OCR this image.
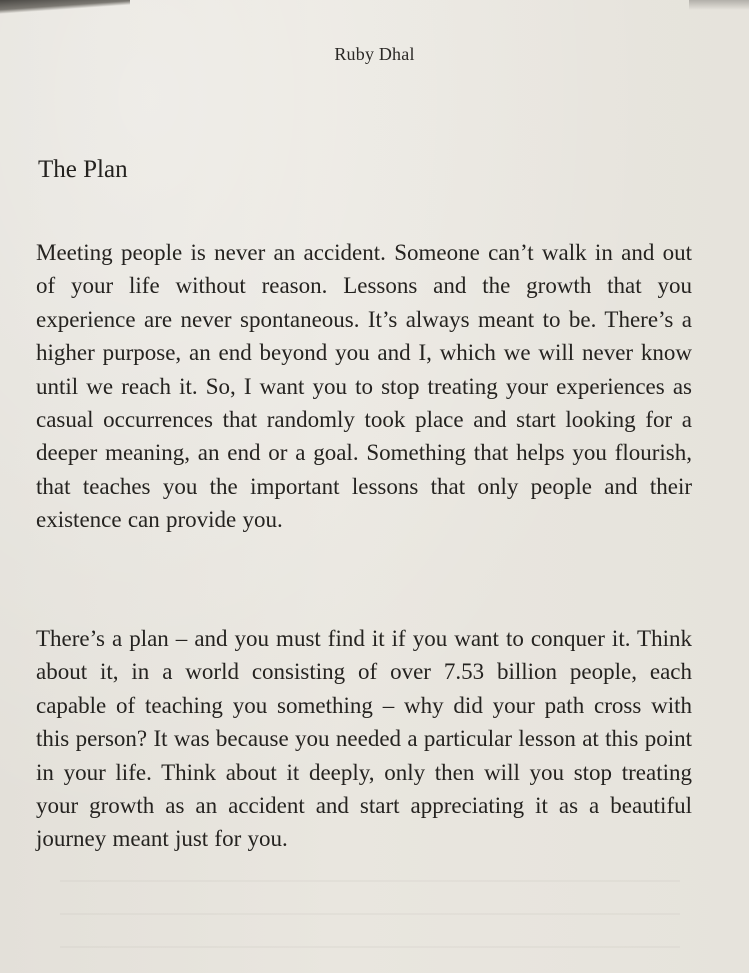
Ruby Dhal
The Plan

Meeting people is never an accident. Someone can’t walk in and out of your life without reason. Lessons and the growth that you experience are never spontaneous. It’s always meant to be. There’s a higher purpose, an end beyond you and I, which we will never know until we reach it. So, I want you to stop treating your experiences as casual occurrences that randomly took place and start looking for a deeper meaning, an end or a goal. Something that helps you flourish, that teaches you the important lessons that only people and their existence can provide you.

There’s a plan – and you must find it if you want to conquer it. Think about it, in a world consisting of over 7.53 billion people, each capable of teaching you something – why did your path cross with this person? It was because you needed a particular lesson at this point in your life. Think about it deeply, only then will you stop treating your growth as an accident and start appreciating it as a beautiful journey meant just for you.
